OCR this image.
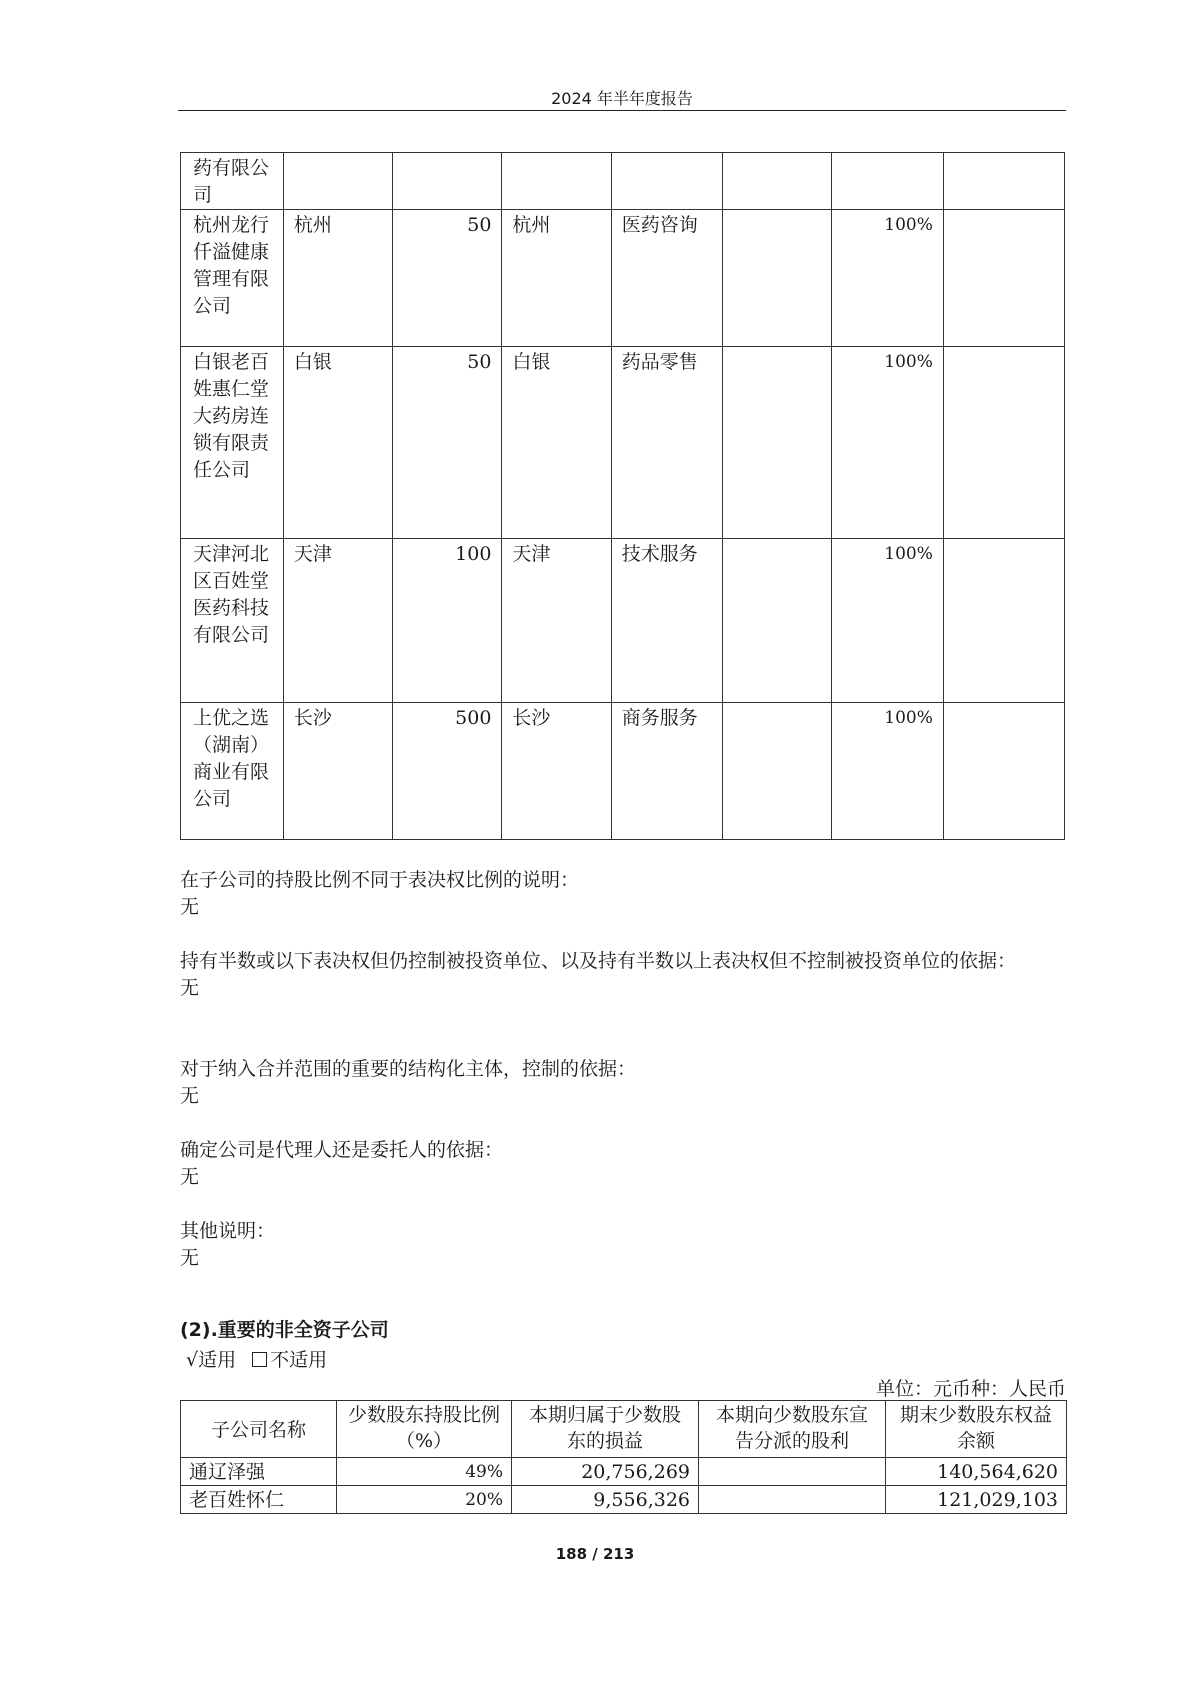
2024 年半年度报告
药有限公司							
杭州龙行仟溢健康管理有限公司	杭州	50	杭州	医药咨询		100%	
白银老百姓惠仁堂大药房连锁有限责任公司	白银	50	白银	药品零售		100%	
天津河北区百姓堂医药科技有限公司	天津	100	天津	技术服务		100%	
上优之选（湖南）商业有限公司	长沙	500	长沙	商务服务		100%	
在子公司的持股比例不同于表决权比例的说明：
无
持有半数或以下表决权但仍控制被投资单位、以及持有半数以上表决权但不控制被投资单位的依据：
无
对于纳入合并范围的重要的结构化主体，控制的依据：
无
确定公司是代理人还是委托人的依据：
无
其他说明：
无
(2).重要的非全资子公司
√适用 不适用
单位：元币种：人民币
子公司名称	少数股东持股比例（%）	本期归属于少数股东的损益	本期向少数股东宣告分派的股利	期末少数股东权益余额
通辽泽强	49%	20,756,269		140,564,620
老百姓怀仁	20%	9,556,326		121,029,103
188 / 213
